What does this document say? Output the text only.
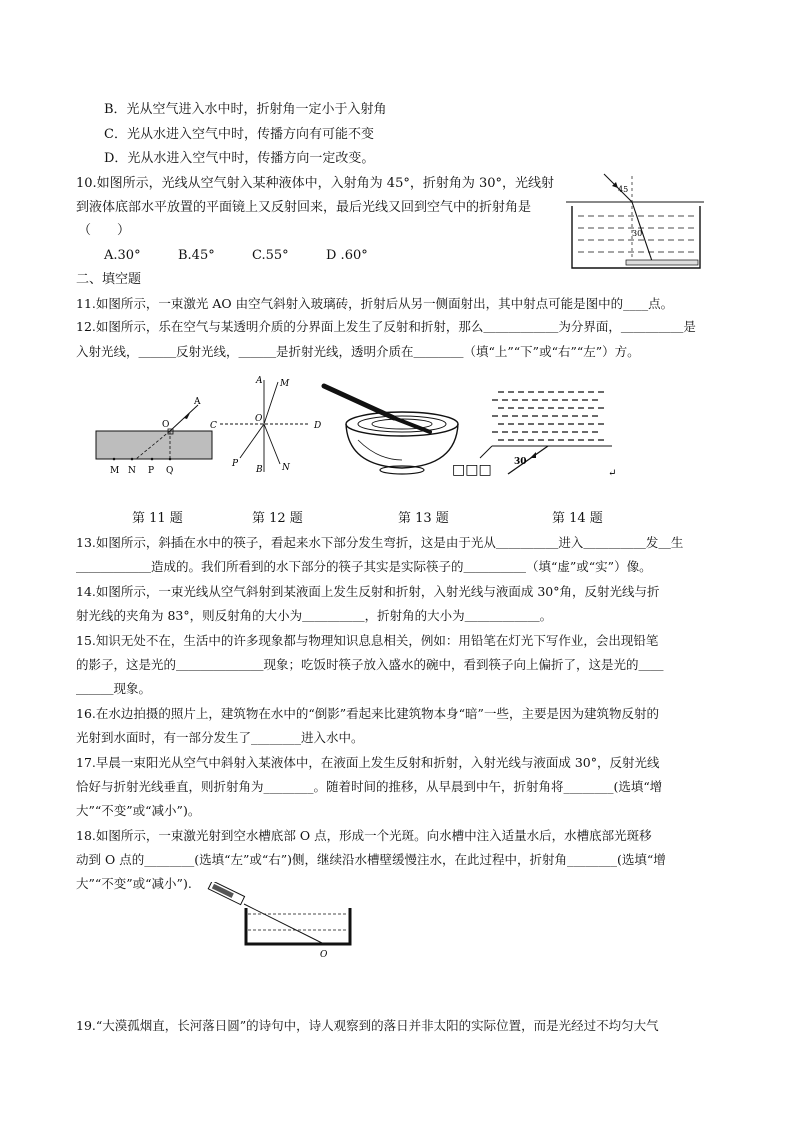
B．光从空气进入水中时，折射角一定小于入射角
C．光从水进入空气中时，传播方向有可能不变
D．光从水进入空气中时，传播方向一定改变。
10.如图所示，光线从空气射入某种液体中，入射角为 45°，折射角为 30°，光线射
到液体底部水平放置的平面镜上又反射回来，最后光线又回到空气中的折射角是
（　　）
A.30°	B.45°	C.55°	D .60°
二、填空题
11.如图所示，一束激光 AO 由空气斜射入玻璃砖，折射后从另一侧面射出，其中射点可能是图中的____点。
12.如图所示，乐在空气与某透明介质的分界面上发生了反射和折射，那么＿＿＿＿＿＿为分界面，＿＿＿＿＿是
入射光线，＿＿＿反射光线，＿＿＿是折射光线，透明介质在＿＿＿＿（填“上”“下”或“右”“左”）方。
45
30
A
O
M N P Q
A M
C
O
D
P
B N
30
□□□	↵
第 11 题	第 12 题	第 13 题	第 14 题
13.如图所示，斜插在水中的筷子，看起来水下部分发生弯折，这是由于光从＿＿＿＿＿进入＿＿＿＿＿发＿生
＿＿＿＿＿＿造成的。我们所看到的水下部分的筷子其实是实际筷子的＿＿＿＿＿（填“虚”或“实”）像。
14.如图所示，一束光线从空气斜射到某液面上发生反射和折射，入射光线与液面成 30°角，反射光线与折
射光线的夹角为 83°，则反射角的大小为＿＿＿＿＿，折射角的大小为＿＿＿＿＿＿。
15.知识无处不在，生活中的许多现象都与物理知识息息相关，例如：用铅笔在灯光下写作业，会出现铅笔
的影子，这是光的＿＿＿＿＿＿＿现象；吃饭时筷子放入盛水的碗中，看到筷子向上偏折了，这是光的＿＿
＿＿＿现象。
16.在水边拍摄的照片上，建筑物在水中的“倒影”看起来比建筑物本身“暗”一些，主要是因为建筑物反射的
光射到水面时，有一部分发生了________进入水中。
17.早晨一束阳光从空气中斜射入某液体中，在液面上发生反射和折射，入射光线与液面成 30°，反射光线
恰好与折射光线垂直，则折射角为________。随着时间的推移，从早晨到中午，折射角将________(选填“增
大”“不变”或“减小”)。
18.如图所示，一束激光射到空水槽底部 O 点，形成一个光斑。向水槽中注入适量水后，水槽底部光斑移
动到 O 点的________(选填“左”或“右”)侧，继续沿水槽壁缓慢注水，在此过程中，折射角________(选填“增
大”“不变”或“减小”).
O
19.“大漠孤烟直，长河落日圆”的诗句中，诗人观察到的落日并非太阳的实际位置，而是光经过不均匀大气
